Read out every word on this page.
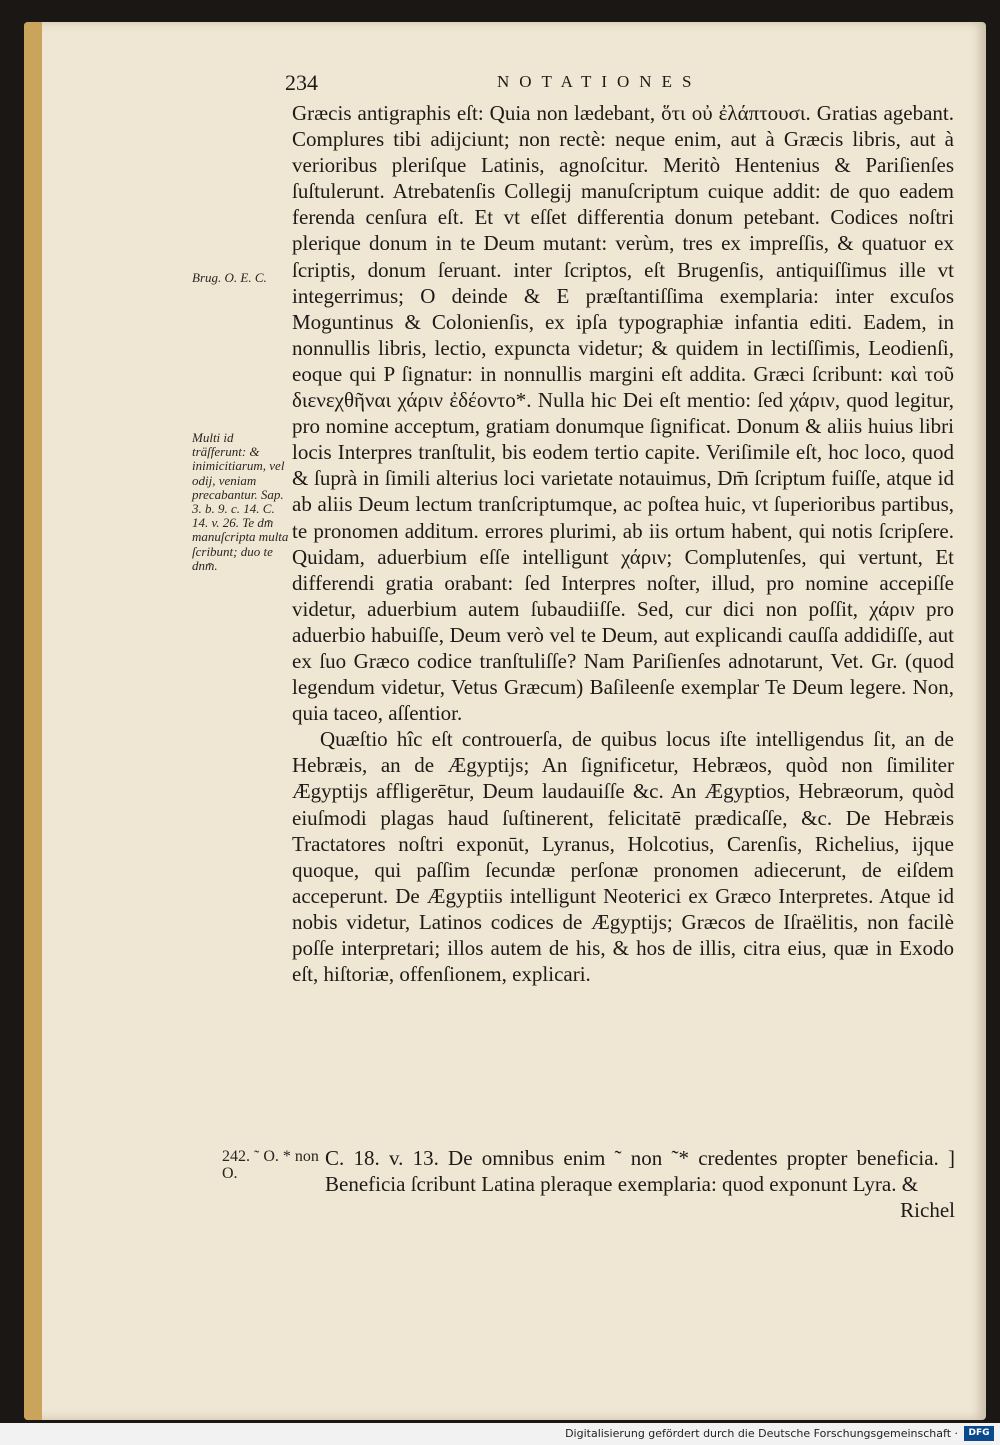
234	NOTATIONES
Brug. O. E. C.
Multi id träſferunt: & inimicitiarum, vel odij, veniam precabantur. Sap. 3. b. 9. c. 14. C. 14. v. 26. Te dm̄ manuſcripta multa ſcribunt; duo te dnm̄.

Græcis antigraphis eſt: Quia non lædebant, ὅτι οὐ ἐλάπτουσι. Gratias agebant. Complures tibi adijciunt; non rectè: neque enim, aut à Græcis libris, aut à verioribus pleriſque Latinis, agnoſcitur. Meritò Hentenius & Pariſienſes ſuſtulerunt. Atrebatenſis Collegij manuſcriptum cuique addit: de quo eadem ferenda cenſura eſt. Et vt eſſet differentia donum petebant. Codices noſtri plerique donum in te Deum mutant: verùm, tres ex impreſſis, & quatuor ex ſcriptis, donum ſeruant. inter ſcriptos, eſt Brugenſis, antiquiſſimus ille vt integerrimus; O deinde & E præſtantiſſima exemplaria: inter excuſos Moguntinus & Colonienſis, ex ipſa typographiæ infantia editi. Eadem, in nonnullis libris, lectio, expuncta videtur; & quidem in lectiſſimis, Leodienſi, eoque qui P ſignatur: in nonnullis margini eſt addita. Græci ſcribunt: καὶ τοῦ διενεχθῆναι χάριν ἐδέοντο*. Nulla hic Dei eſt mentio: ſed χάριν, quod legitur, pro nomine acceptum, gratiam donumque ſignificat. Donum & aliis huius libri locis Interpres tranſtulit, bis eodem tertio capite. Veriſimile eſt, hoc loco, quod & ſuprà in ſimili alterius loci varietate notauimus, Dm̄ ſcriptum fuiſſe, atque id ab aliis Deum lectum tranſcriptumque, ac poſtea huic, vt ſuperioribus partibus, te pronomen additum. errores plurimi, ab iis ortum habent, qui notis ſcripſere. Quidam, aduerbium eſſe intelligunt χάριν; Complutenſes, qui vertunt, Et differendi gratia orabant: ſed Interpres noſter, illud, pro nomine accepiſſe videtur, aduerbium autem ſubaudiiſſe. Sed, cur dici non poſſit, χάριν pro aduerbio habuiſſe, Deum verò vel te Deum, aut explicandi cauſſa addidiſſe, aut ex ſuo Græco codice tranſtuliſſe? Nam Pariſienſes adnotarunt, Vet. Gr. (quod legendum videtur, Vetus Græcum) Baſileenſe exemplar Te Deum legere. Non, quia taceo, aſſentior.

Quæſtio hîc eſt controuerſa, de quibus locus iſte intelligendus ſit, an de Hebræis, an de Ægyptijs; An ſignificetur, Hebræos, quòd non ſimiliter Ægyptijs affligerētur, Deum laudauiſſe &c. An Ægyptios, Hebræorum, quòd eiuſmodi plagas haud ſuſtinerent, felicitatē prædicaſſe, &c. De Hebræis Tractatores noſtri exponūt, Lyranus, Holcotius, Carenſis, Richelius, ijque quoque, qui paſſim ſecundæ perſonæ pronomen adiecerunt, de eiſdem acceperunt. De Ægyptiis intelligunt Neoterici ex Græco Interpretes. Atque id nobis videtur, Latinos codices de Ægyptijs; Græcos de Iſraëlitis, non facilè poſſe interpretari; illos autem de his, & hos de illis, citra eius, quæ in Exodo eſt, hiſtoriæ, offenſionem, explicari.

242. ˜ O. * non O.
C. 18. v. 13. De omnibus enim ˜ non ˜* credentes propter beneficia. ] Beneficia ſcribunt Latina pleraque exemplaria: quod exponunt Lyra. &
Richel
Digitalisierung gefördert durch die Deutsche Forschungsgemeinschaft ·	DFG
